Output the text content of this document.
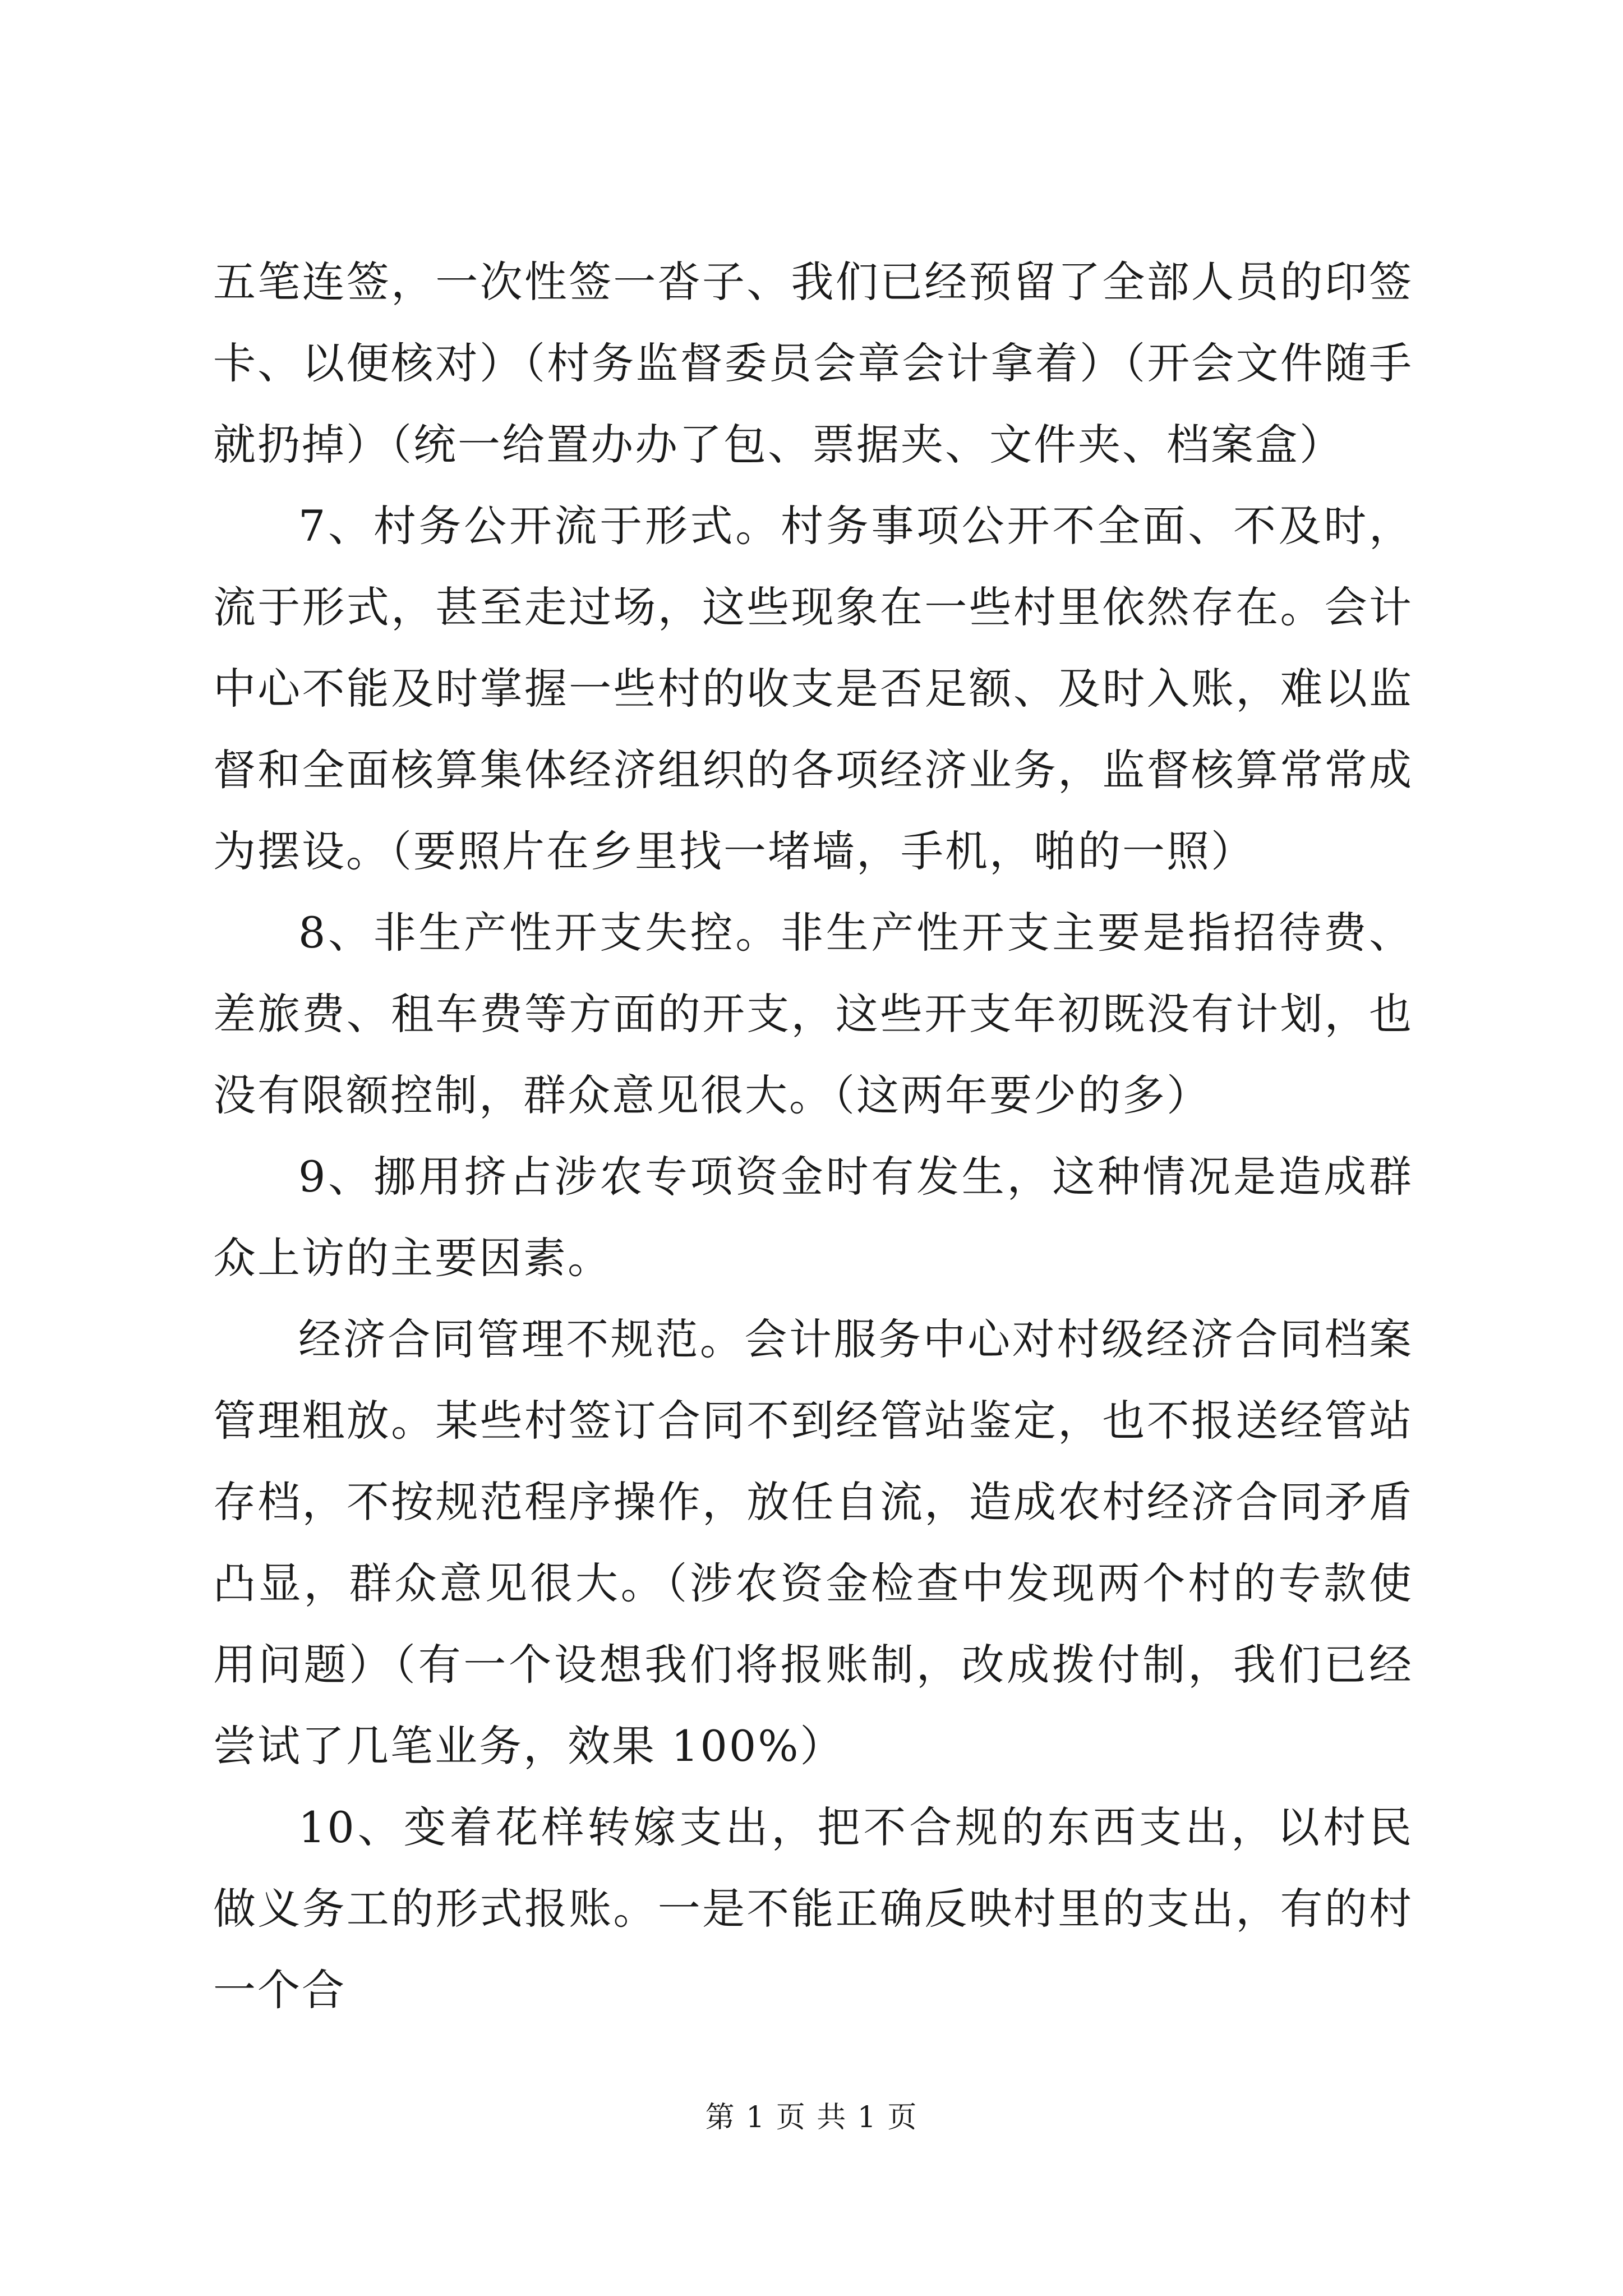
五笔连签，一次性签一沓子、我们已经预留了全部人员的印签卡、以便核对）（村务监督委员会章会计拿着）（开会文件随手就扔掉）（统一给置办办了包、票据夹、文件夹、档案盒）

7、村务公开流于形式。村务事项公开不全面、不及时，流于形式，甚至走过场，这些现象在一些村里依然存在。会计中心不能及时掌握一些村的收支是否足额、及时入账，难以监督和全面核算集体经济组织的各项经济业务，监督核算常常成为摆设。（要照片在乡里找一堵墙，手机，啪的一照）

8、非生产性开支失控。非生产性开支主要是指招待费、差旅费、租车费等方面的开支，这些开支年初既没有计划，也没有限额控制，群众意见很大。（这两年要少的多）

9、挪用挤占涉农专项资金时有发生，这种情况是造成群众上访的主要因素。

经济合同管理不规范。会计服务中心对村级经济合同档案管理粗放。某些村签订合同不到经管站鉴定，也不报送经管站存档，不按规范程序操作，放任自流，造成农村经济合同矛盾凸显，群众意见很大。（涉农资金检查中发现两个村的专款使用问题）（有一个设想我们将报账制，改成拨付制，我们已经尝试了几笔业务，效果 100%）

10、变着花样转嫁支出，把不合规的东西支出，以村民做义务工的形式报账。一是不能正确反映村里的支出，有的村一个合

第 1 页 共 1 页
